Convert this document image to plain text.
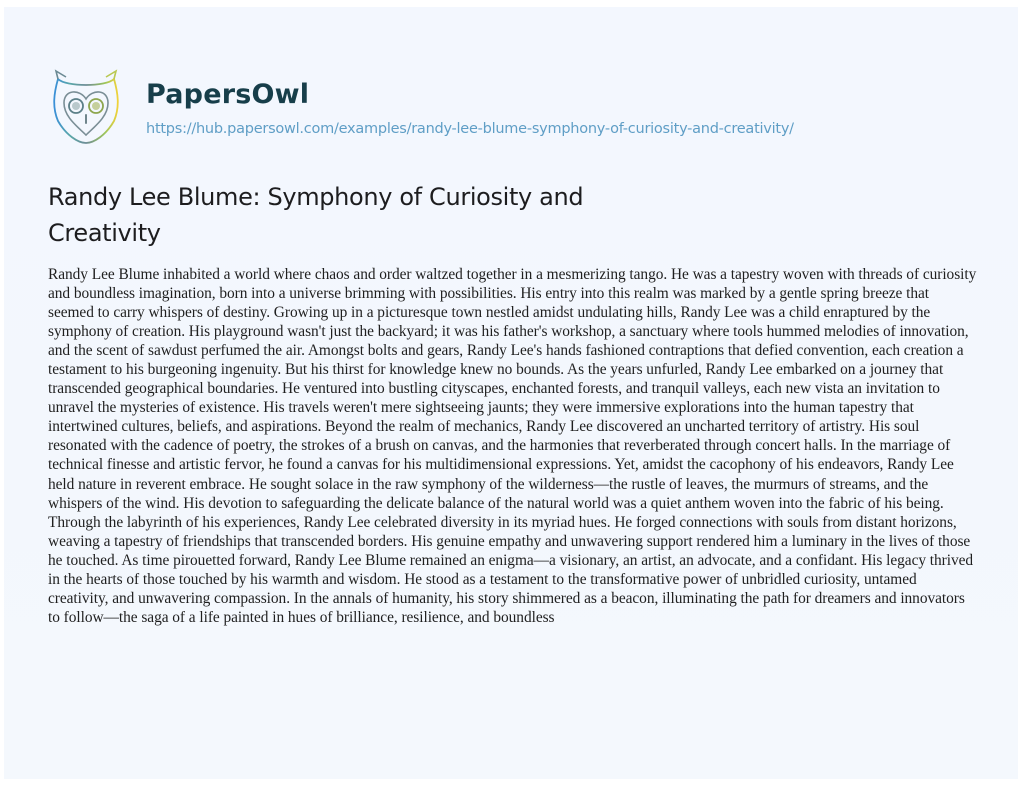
PapersOwl
https://hub.papersowl.com/examples/randy-lee-blume-symphony-of-curiosity-and-creativity/
Randy Lee Blume: Symphony of Curiosity and Creativity

Randy Lee Blume inhabited a world where chaos and order waltzed together in a mesmerizing tango. He was a tapestry woven with threads of curiosity and boundless imagination, born into a universe brimming with possibilities. His entry into this realm was marked by a gentle spring breeze that seemed to carry whispers of destiny. Growing up in a picturesque town nestled amidst undulating hills, Randy Lee was a child enraptured by the symphony of creation. His playground wasn't just the backyard; it was his father's workshop, a sanctuary where tools hummed melodies of innovation, and the scent of sawdust perfumed the air. Amongst bolts and gears, Randy Lee's hands fashioned contraptions that defied convention, each creation a testament to his burgeoning ingenuity. But his thirst for knowledge knew no bounds. As the years unfurled, Randy Lee embarked on a journey that transcended geographical boundaries. He ventured into bustling cityscapes, enchanted forests, and tranquil valleys, each new vista an invitation to unravel the mysteries of existence. His travels weren't mere sightseeing jaunts; they were immersive explorations into the human tapestry that intertwined cultures, beliefs, and aspirations. Beyond the realm of mechanics, Randy Lee discovered an uncharted territory of artistry. His soul resonated with the cadence of poetry, the strokes of a brush on canvas, and the harmonies that reverberated through concert halls. In the marriage of technical finesse and artistic fervor, he found a canvas for his multidimensional expressions. Yet, amidst the cacophony of his endeavors, Randy Lee held nature in reverent embrace. He sought solace in the raw symphony of the wilderness—the rustle of leaves, the murmurs of streams, and the whispers of the wind. His devotion to safeguarding the delicate balance of the natural world was a quiet anthem woven into the fabric of his being. Through the labyrinth of his experiences, Randy Lee celebrated diversity in its myriad hues. He forged connections with souls from distant horizons, weaving a tapestry of friendships that transcended borders. His genuine empathy and unwavering support rendered him a luminary in the lives of those he touched. As time pirouetted forward, Randy Lee Blume remained an enigma—a visionary, an artist, an advocate, and a confidant. His legacy thrived in the hearts of those touched by his warmth and wisdom. He stood as a testament to the transformative power of unbridled curiosity, untamed creativity, and unwavering compassion. In the annals of humanity, his story shimmered as a beacon, illuminating the path for dreamers and innovators to follow—the saga of a life painted in hues of brilliance, resilience, and boundless
